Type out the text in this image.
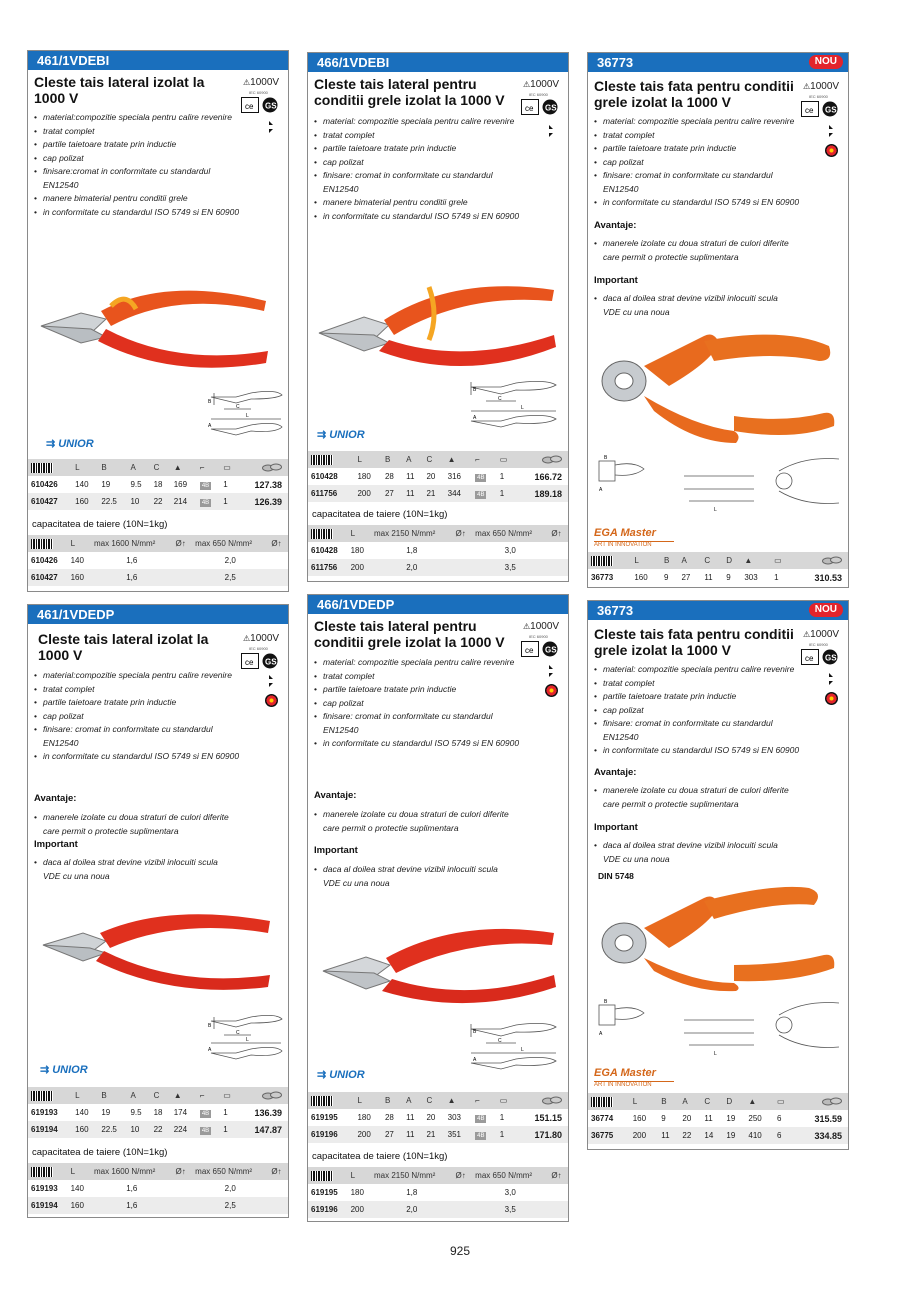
461/1VDEBI
Cleste tais lateral izolat la 1000 V
⚠1000V
IEC 60900
ce GS
• material:compozitie speciala pentru calire revenire
• tratat complet
• partile taietoare tratate prin inductie
• cap polizat
• finisare:cromat in conformitate cu standardul EN12540
• manere bimaterial pentru conditii grele
• in conformitate cu standardul ISO 5749 si EN 60900
B
C
A
L
⇉ UNIOR
	L	B	A	C	▲	⌐	▭	
610426	140	19	9.5	18	169	4B	1	127.38
610427	160	22.5	10	22	214	4B	1	126.39
capacitatea de taiere (10N=1kg)
	L	max 1600 N/mm²	Ø↑	max 650 N/mm²	Ø↑
610426	140	1,6		2,0	
610427	160	1,6		2,5	
466/1VDEBI
Cleste tais lateral pentru conditii grele izolat la 1000 V
⚠1000V
IEC 60900
ce GS
• material: compozitie speciala pentru calire revenire
• tratat complet
• partile taietoare tratate prin inductie
• cap polizat
• finisare: cromat in conformitate cu standardul EN12540
• manere bimaterial pentru conditii grele
• in conformitate cu standardul ISO 5749 si EN 60900
B
C
A
L
⇉ UNIOR
	L	B	A	C	▲	⌐	▭	
610428	180	28	11	20	316	4B	1	166.72
611756	200	27	11	21	344	4B	1	189.18
capacitatea de taiere (10N=1kg)
	L	max 2150 N/mm²	Ø↑	max 650 N/mm²	Ø↑
610428	180	1,8		3,0	
611756	200	2,0		3,5	
36773	NOU
Cleste tais fata pentru conditii grele izolat la 1000 V
⚠1000V
IEC 60900
ce GS
• material: compozitie speciala pentru calire revenire
• tratat complet
• partile taietoare tratate prin inductie
• cap polizat
• finisare: cromat in conformitate cu standardul EN12540
• in conformitate cu standardul ISO 5749 si EN 60900
Avantaje:
• manerele izolate cu doua straturi de culori diferite care permit o protectie suplimentara
Important
• daca al doilea strat devine vizibil inlocuiti scula VDE cu una noua
B
A
L
EGA Master
ART IN INNOVATION
	L	B	A	C	D	▲	▭	
36773	160	9	27	11	9	303	1	310.53
461/1VDEDP
Cleste tais lateral izolat la 1000 V
⚠1000V
IEC 60900
ce GS
• material:compozitie speciala pentru calire revenire
• tratat complet
• partile taietoare tratate prin inductie
• cap polizat
• finisare: cromat in conformitate cu standardul EN12540
• in conformitate cu standardul ISO 5749 si EN 60900
Avantaje:
• manerele izolate cu doua straturi de culori diferite care permit o protectie suplimentara
Important
• daca al doilea strat devine vizibil inlocuiti scula VDE cu una noua
B
C
A
L
⇉ UNIOR
	L	B	A	C	▲	⌐	▭	
619193	140	19	9.5	18	174	4B	1	136.39
619194	160	22.5	10	22	224	4B	1	147.87
capacitatea de taiere (10N=1kg)
	L	max 1600 N/mm²	Ø↑	max 650 N/mm²	Ø↑
619193	140	1,6		2,0	
619194	160	1,6		2,5	
466/1VDEDP
Cleste tais lateral pentru conditii grele izolat la 1000 V
⚠1000V
IEC 60900
ce GS
• material: compozitie speciala pentru calire revenire
• tratat complet
• partile taietoare tratate prin inductie
• cap polizat
• finisare: cromat in conformitate cu standardul EN12540
• in conformitate cu standardul ISO 5749 si EN 60900
Avantaje:
• manerele izolate cu doua straturi de culori diferite care permit o protectie suplimentara
Important
• daca al doilea strat devine vizibil inlocuiti scula VDE cu una noua
B
C
A
L
⇉ UNIOR
	L	B	A	C	▲	⌐	▭	
619195	180	28	11	20	303	4B	1	151.15
619196	200	27	11	21	351	4B	1	171.80
capacitatea de taiere (10N=1kg)
	L	max 2150 N/mm²	Ø↑	max 650 N/mm²	Ø↑
619195	180	1,8		3,0	
619196	200	2,0		3,5	
36773	NOU
Cleste tais fata pentru conditii grele izolat la 1000 V
⚠1000V
IEC 60900
ce GS
• material: compozitie speciala pentru calire revenire
• tratat complet
• partile taietoare tratate prin inductie
• cap polizat
• finisare: cromat in conformitate cu standardul EN12540
• in conformitate cu standardul ISO 5749 si EN 60900
Avantaje:
• manerele izolate cu doua straturi de culori diferite care permit o protectie suplimentara
Important
• daca al doilea strat devine vizibil inlocuiti scula VDE cu una noua
DIN 5748
B
A
L
EGA Master
ART IN INNOVATION
	L	B	A	C	D	▲	▭	
36774	160	9	20	11	19	250	6	315.59
36775	200	11	22	14	19	410	6	334.85
925
